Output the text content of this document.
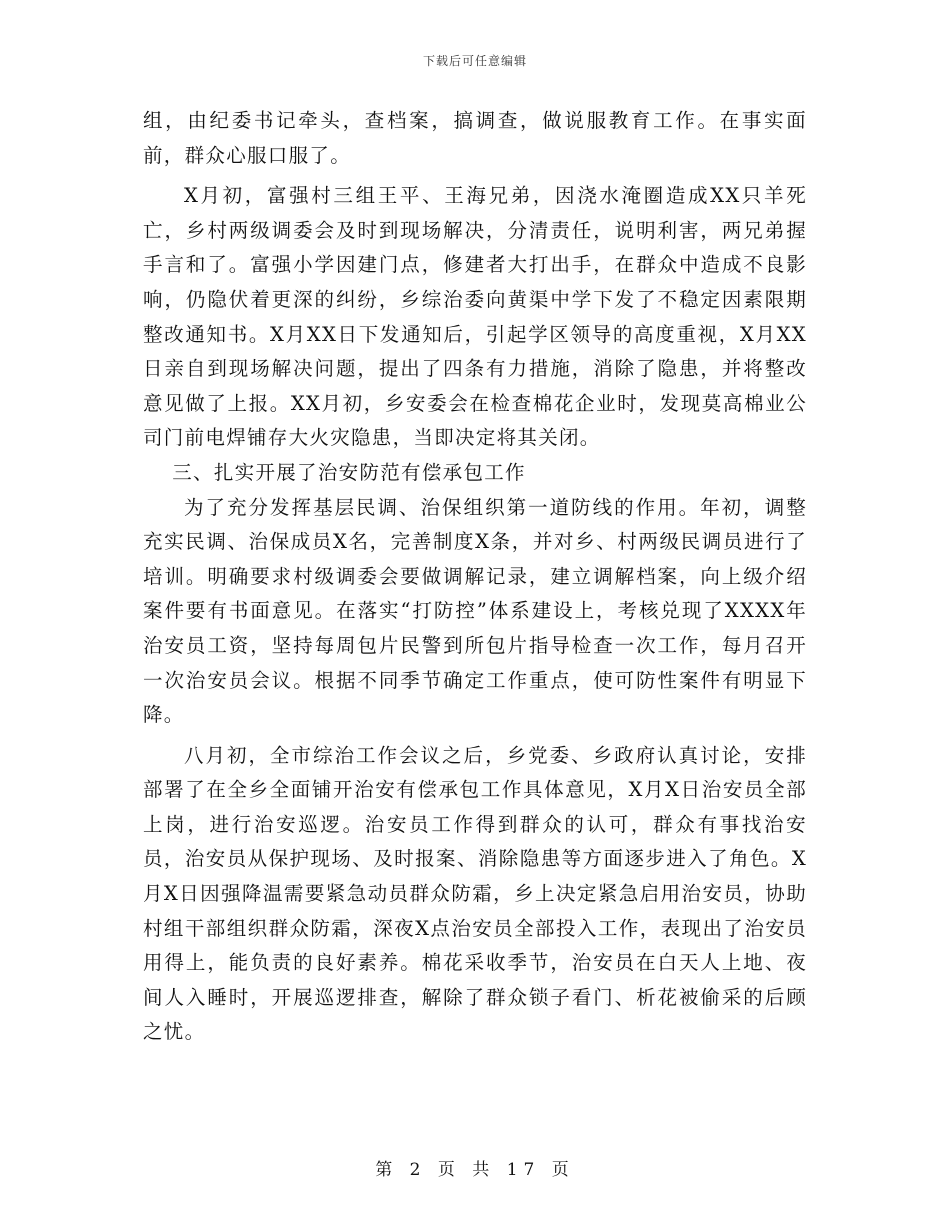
下载后可任意编辑

组，由纪委书记牵头，查档案，搞调查，做说服教育工作。在事实面前，群众心服口服了。

X月初，富强村三组王平、王海兄弟，因浇水淹圈造成XX只羊死亡，乡村两级调委会及时到现场解决，分清责任，说明利害，两兄弟握手言和了。富强小学因建门点，修建者大打出手，在群众中造成不良影响，仍隐伏着更深的纠纷，乡综治委向黄渠中学下发了不稳定因素限期整改通知书。X月XX日下发通知后，引起学区领导的高度重视，X月XX日亲自到现场解决问题，提出了四条有力措施，消除了隐患，并将整改意见做了上报。XX月初，乡安委会在检查棉花企业时，发现莫高棉业公司门前电焊铺存大火灾隐患，当即决定将其关闭。

三、扎实开展了治安防范有偿承包工作

为了充分发挥基层民调、治保组织第一道防线的作用。年初，调整充实民调、治保成员X名，完善制度X条，并对乡、村两级民调员进行了培训。明确要求村级调委会要做调解记录，建立调解档案，向上级介绍案件要有书面意见。在落实“打防控”体系建设上，考核兑现了XXXX年治安员工资，坚持每周包片民警到所包片指导检查一次工作，每月召开一次治安员会议。根据不同季节确定工作重点，使可防性案件有明显下降。

八月初，全市综治工作会议之后，乡党委、乡政府认真讨论，安排部署了在全乡全面铺开治安有偿承包工作具体意见，X月X日治安员全部上岗，进行治安巡逻。治安员工作得到群众的认可，群众有事找治安员，治安员从保护现场、及时报案、消除隐患等方面逐步进入了角色。X月X日因强降温需要紧急动员群众防霜，乡上决定紧急启用治安员，协助村组干部组织群众防霜，深夜X点治安员全部投入工作，表现出了治安员用得上，能负责的良好素养。棉花采收季节，治安员在白天人上地、夜间人入睡时，开展巡逻排查，解除了群众锁子看门、析花被偷采的后顾之忧。

第 2 页 共 17 页
